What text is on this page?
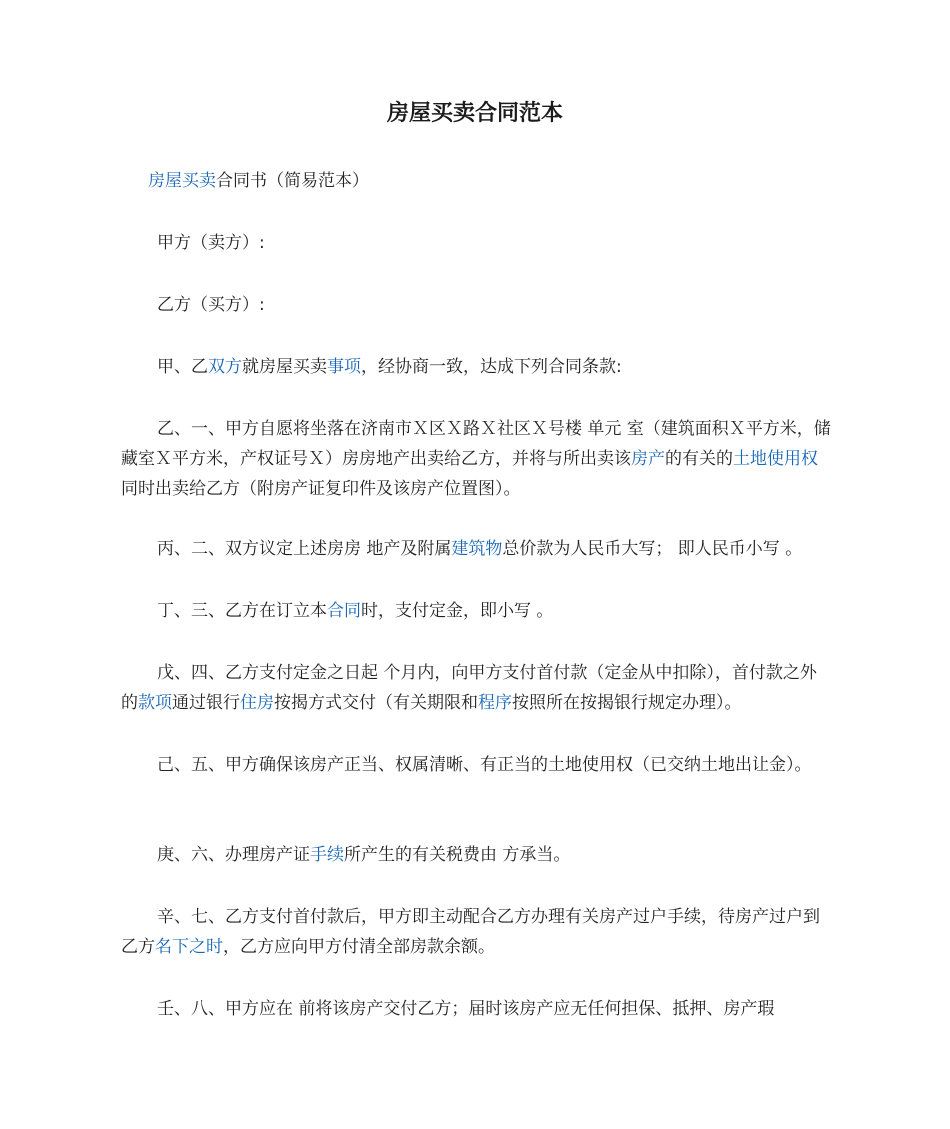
房屋买卖合同范本
房屋买卖合同书（简易范本）
甲方（卖方）:
乙方（买方）:
甲、乙双方就房屋买卖事项，经协商一致，达成下列合同条款:
乙、一、甲方自愿将坐落在济南市Ｘ区Ｘ路Ｘ社区Ｘ号楼 单元 室（建筑面积Ｘ平方米，储藏室Ｘ平方米，产权证号Ｘ）房房地产出卖给乙方，并将与所出卖该房产的有关的土地使用权同时出卖给乙方（附房产证复印件及该房产位置图）。
丙、二、双方议定上述房房 地产及附属建筑物总价款为人民币大写； 即人民币小写 。
丁、三、乙方在订立本合同时，支付定金，即小写 。
戊、四、乙方支付定金之日起 个月内，向甲方支付首付款（定金从中扣除），首付款之外的款项通过银行住房按揭方式交付（有关期限和程序按照所在按揭银行规定办理）。
己、五、甲方确保该房产正当、权属清晰、有正当的土地使用权（已交纳土地出让金）。
庚、六、办理房产证手续所产生的有关税费由 方承当。
辛、七、乙方支付首付款后，甲方即主动配合乙方办理有关房产过户手续，待房产过户到乙方名下之时，乙方应向甲方付清全部房款余额。
壬、八、甲方应在 前将该房产交付乙方；届时该房产应无任何担保、抵押、房产瑕
